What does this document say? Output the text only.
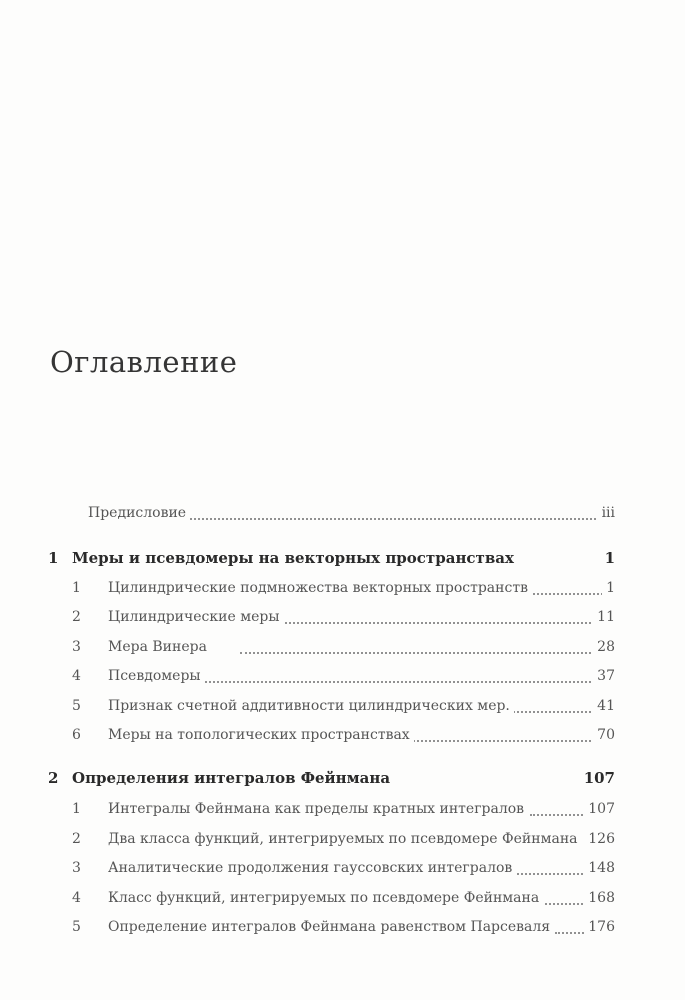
Оглавление
Предисловие	iii
1 Меры и псевдомеры на векторных пространствах	1
1 Цилиндрические подмножества векторных пространств	1
2 Цилиндрические меры	11
3 Мера Винера	28
4 Псевдомеры	37
5 Признак счетной аддитивности цилиндрических мер.	41
6 Меры на топологических пространствах	70
2 Определения интегралов Фейнмана	107
1 Интегралы Фейнмана как пределы кратных интегралов	107
2 Два класса функций, интегрируемых по псевдомере Фейнмана 126
3 Аналитические продолжения гауссовских интегралов	148
4 Класс функций, интегрируемых по псевдомере Фейнмана	168
5 Определение интегралов Фейнмана равенством Парсеваля	176
